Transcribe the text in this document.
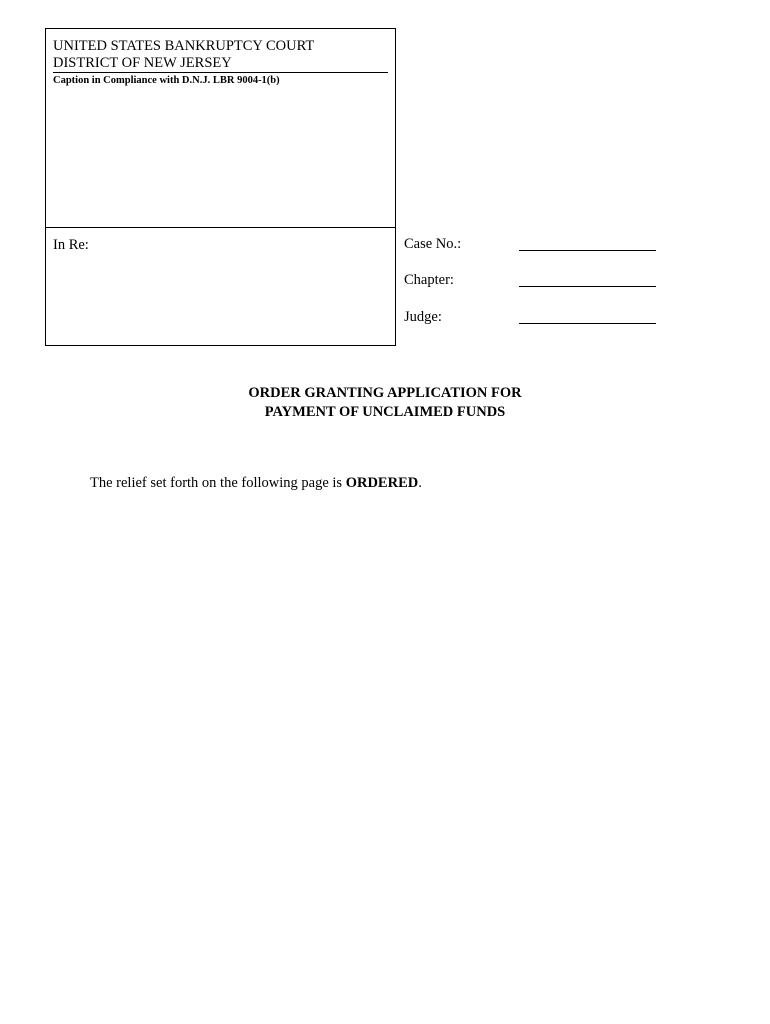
UNITED STATES BANKRUPTCY COURT
DISTRICT OF NEW JERSEY
Caption in Compliance with D.N.J. LBR 9004-1(b)
In Re:	Case No.:
Chapter:
Judge:
ORDER GRANTING APPLICATION FOR
PAYMENT OF UNCLAIMED FUNDS
The relief set forth on the following page is ORDERED.
